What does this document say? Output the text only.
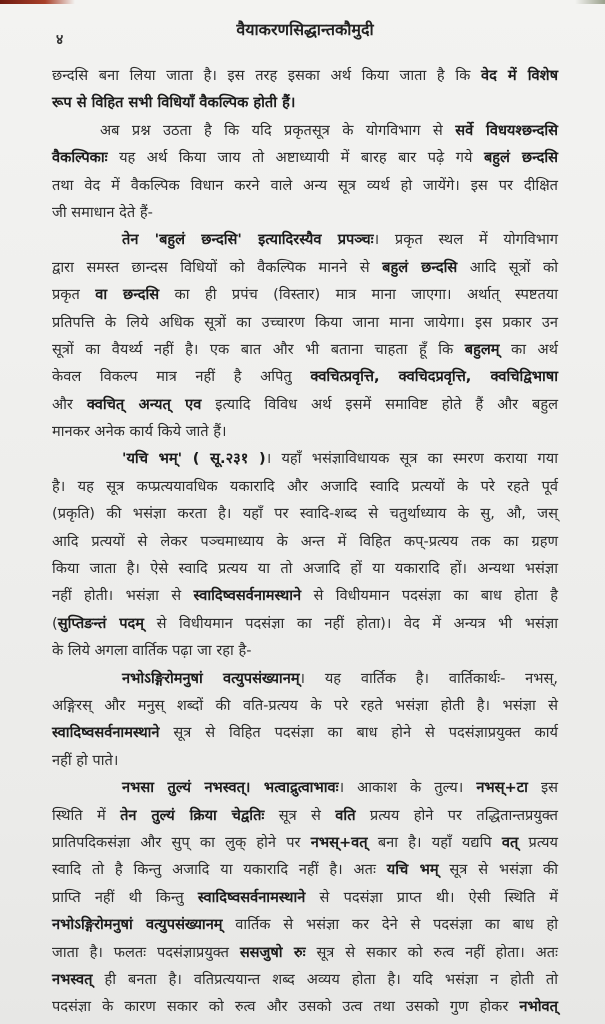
४
वैयाकरणसिद्धान्तकौमुदी
छन्दसि बना लिया जाता है। इस तरह इसका अर्थ किया जाता है कि वेद में विशेष
रूप से विहित सभी विधियाँ वैकल्पिक होती हैं।
अब प्रश्न उठता है कि यदि प्रकृतसूत्र के योगविभाग से सर्वे विधयश्छन्दसि
वैकल्पिकाः यह अर्थ किया जाय तो अष्टाध्यायी में बारह बार पढ़े गये बहुलं छन्दसि
तथा वेद में वैकल्पिक विधान करने वाले अन्य सूत्र व्यर्थ हो जायेंगे। इस पर दीक्षित
जी समाधान देते हैं-
तेन 'बहुलं छन्दसि' इत्यादिरस्यैव प्रपञ्चः। प्रकृत स्थल में योगविभाग
द्वारा समस्त छान्दस विधियों को वैकल्पिक मानने से बहुलं छन्दसि आदि सूत्रों को
प्रकृत वा छन्दसि का ही प्रपंच (विस्तार) मात्र माना जाएगा। अर्थात् स्पष्टतया
प्रतिपत्ति के लिये अधिक सूत्रों का उच्चारण किया जाना माना जायेगा। इस प्रकार उन
सूत्रों का वैयर्थ्य नहीं है। एक बात और भी बताना चाहता हूँ कि बहुलम् का अर्थ
केवल विकल्प मात्र नहीं है अपितु क्वचित्प्रवृत्ति, क्वचिदप्रवृत्ति, क्वचिद्विभाषा
और क्वचित् अन्यत् एव इत्यादि विविध अर्थ इसमें समाविष्ट होते हैं और बहुल
मानकर अनेक कार्य किये जाते हैं।
'यचि भम्' ( सू.२३१ )। यहाँ भसंज्ञाविधायक सूत्र का स्मरण कराया गया
है। यह सूत्र कप्प्रत्ययावधिक यकारादि और अजादि स्वादि प्रत्ययों के परे रहते पूर्व
(प्रकृति) की भसंज्ञा करता है। यहाँ पर स्वादि-शब्द से चतुर्थाध्याय के सु, औ, जस्
आदि प्रत्ययों से लेकर पञ्चमाध्याय के अन्त में विहित कप्-प्रत्यय तक का ग्रहण
किया जाता है। ऐसे स्वादि प्रत्यय या तो अजादि हों या यकारादि हों। अन्यथा भसंज्ञा
नहीं होती। भसंज्ञा से स्वादिष्वसर्वनामस्थाने से विधीयमान पदसंज्ञा का बाध होता है
(सुप्तिङन्तं पदम् से विधीयमान पदसंज्ञा का नहीं होता)। वेद में अन्यत्र भी भसंज्ञा
के लिये अगला वार्तिक पढ़ा जा रहा है-
नभोऽङ्गिरोमनुषां वत्युपसंख्यानम्। यह वार्तिक है। वार्तिकार्थः- नभस्,
अङ्गिरस् और मनुस् शब्दों की वति-प्रत्यय के परे रहते भसंज्ञा होती है। भसंज्ञा से
स्वादिष्वसर्वनामस्थाने सूत्र से विहित पदसंज्ञा का बाध होने से पदसंज्ञाप्रयुक्त कार्य
नहीं हो पाते।
नभसा तुल्यं नभस्वत्। भत्वाद्रुत्वाभावः। आकाश के तुल्य। नभस्+टा इस
स्थिति में तेन तुल्यं क्रिया चेद्वतिः सूत्र से वति प्रत्यय होने पर तद्धितान्तप्रयुक्त
प्रातिपदिकसंज्ञा और सुप् का लुक् होने पर नभस्+वत् बना है। यहाँ यद्यपि वत् प्रत्यय
स्वादि तो है किन्तु अजादि या यकारादि नहीं है। अतः यचि भम् सूत्र से भसंज्ञा की
प्राप्ति नहीं थी किन्तु स्वादिष्वसर्वनामस्थाने से पदसंज्ञा प्राप्त थी। ऐसी स्थिति में
नभोऽङ्गिरोमनुषां वत्युपसंख्यानम् वार्तिक से भसंज्ञा कर देने से पदसंज्ञा का बाध हो
जाता है। फलतः पदसंज्ञाप्रयुक्त ससजुषो रुः सूत्र से सकार को रुत्व नहीं होता। अतः
नभस्वत् ही बनता है। वतिप्रत्ययान्त शब्द अव्यय होता है। यदि भसंज्ञा न होती तो
पदसंज्ञा के कारण सकार को रुत्व और उसको उत्व तथा उसको गुण होकर नभोवत्
